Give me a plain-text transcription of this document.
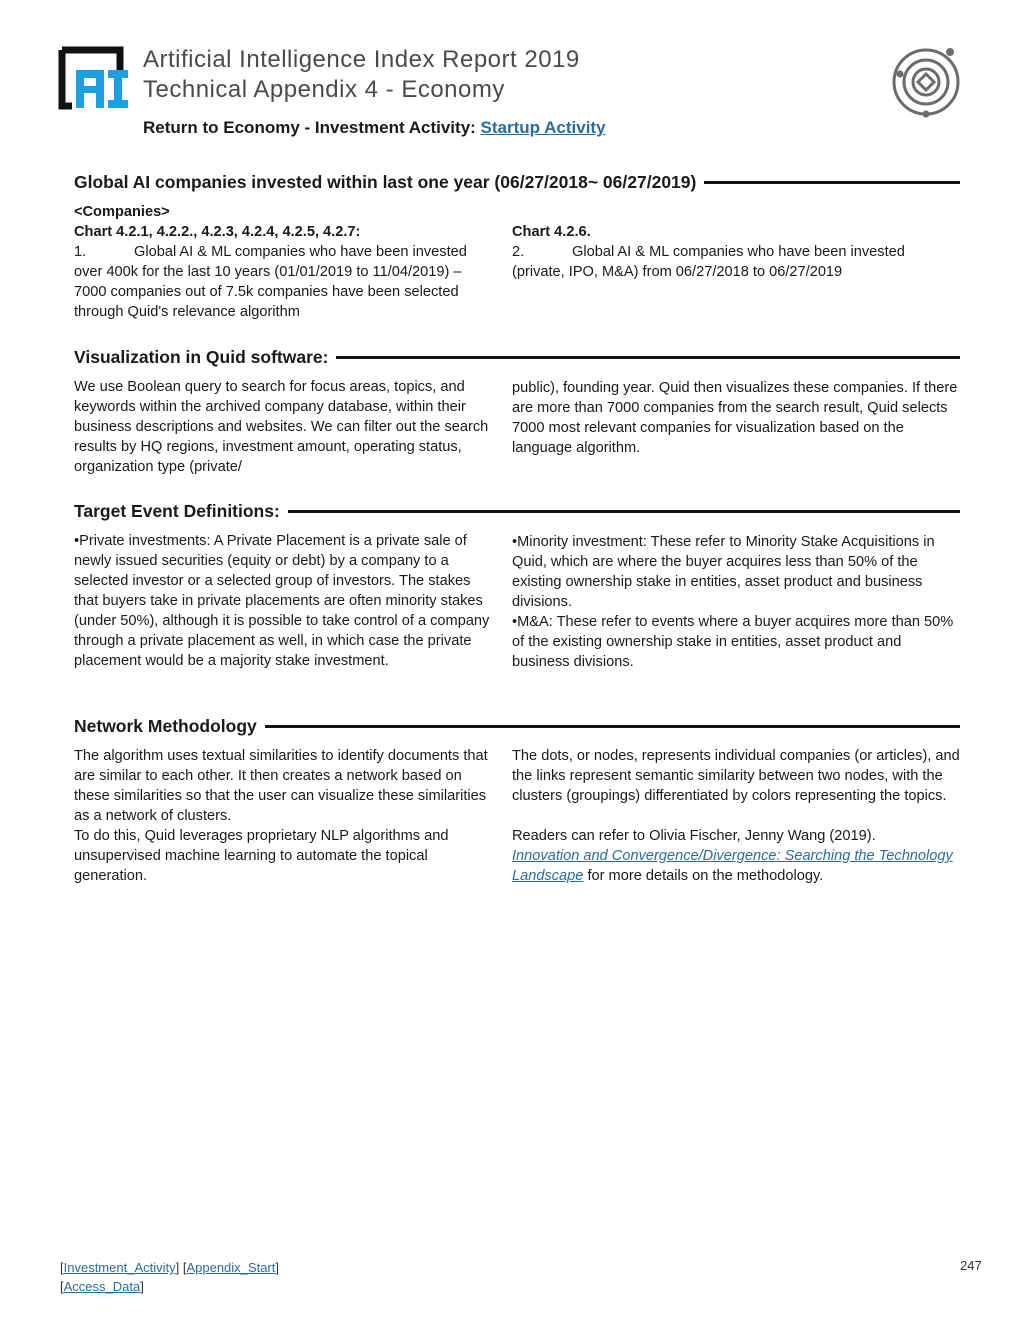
Artificial Intelligence Index Report 2019
Technical Appendix 4 - Economy
Return to Economy - Investment Activity: Startup Activity
Global AI companies invested within last one year (06/27/2018~ 06/27/2019)

<Companies>

Chart 4.2.1, 4.2.2., 4.2.3, 4.2.4, 4.2.5, 4.2.7:

1.	Global AI & ML companies who have been invested over 400k for the last 10 years (01/01/2019 to 11/04/2019) – 7000 companies out of 7.5k companies have been selected through Quid's relevance algorithm

Chart 4.2.6.

2.	Global AI & ML companies who have been invested (private, IPO, M&A) from 06/27/2018 to 06/27/2019

Visualization in Quid software:
We use Boolean query to search for focus areas, topics, and keywords within the archived company database, within their business descriptions and websites. We can filter out the search results by HQ regions, investment amount, operating status, organization type (private/
public), founding year. Quid then visualizes these companies. If there are more than 7000 companies from the search result, Quid selects 7000 most relevant companies for visualization based on the language algorithm.
Target Event Definitions:
•Private investments: A Private Placement is a private sale of newly issued securities (equity or debt) by a company to a selected investor or a selected group of investors. The stakes that buyers take in private placements are often minority stakes (under 50%), although it is possible to take control of a company through a private placement as well, in which case the private placement would be a majority stake investment.

•Minority investment: These refer to Minority Stake Acquisitions in Quid, which are where the buyer acquires less than 50% of the existing ownership stake in entities, asset product and business divisions.

•M&A: These refer to events where a buyer acquires more than 50% of the existing ownership stake in entities, asset product and business divisions.

Network Methodology

The algorithm uses textual similarities to identify documents that are similar to each other. It then creates a network based on these similarities so that the user can visualize these similarities as a network of clusters.

To do this, Quid leverages proprietary NLP algorithms and unsupervised machine learning to automate the topical generation.

The dots, or nodes, represents individual companies (or articles), and the links represent semantic similarity between two nodes, with the clusters (groupings) differentiated by colors representing the topics.

Readers can refer to Olivia Fischer, Jenny Wang (2019).

Innovation and Convergence/Divergence: Searching the Technology Landscape for more details on the methodology.

[Investment_Activity] [Appendix_Start]
[Access_Data]
247
